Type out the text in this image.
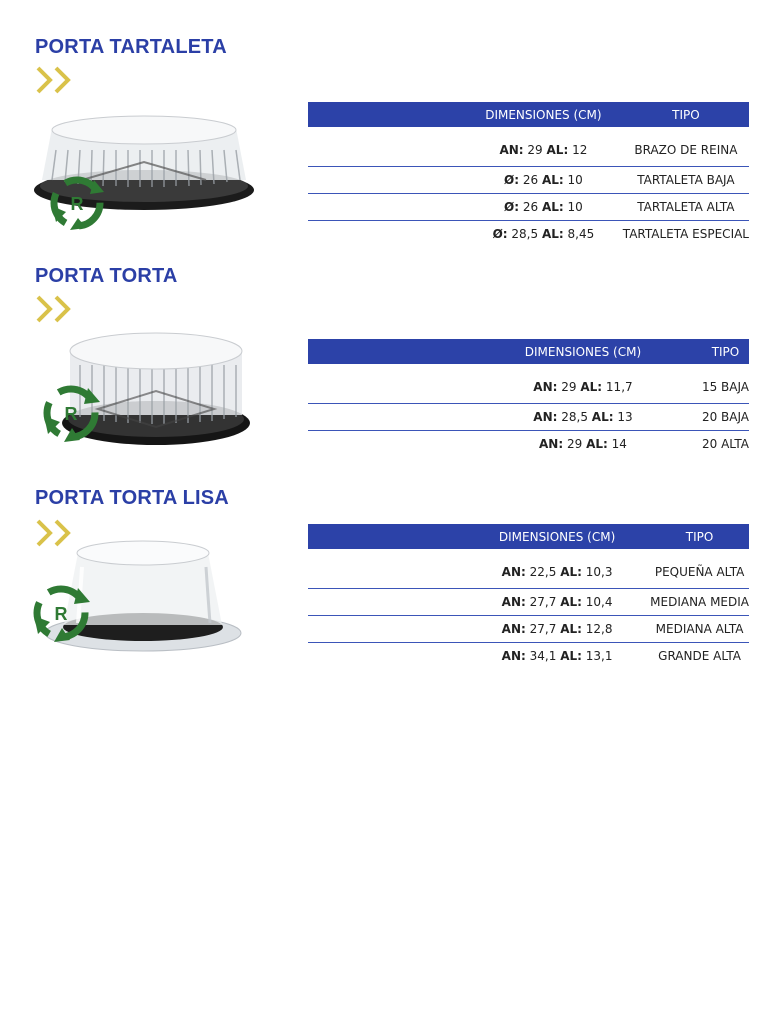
PORTA TARTALETA
R
DIMENSIONES (CM)	TIPO
AN: 29 AL: 12	BRAZO DE REINA
Ø: 26 AL: 10	TARTALETA BAJA
Ø: 26 AL: 10	TARTALETA ALTA
Ø: 28,5 AL: 8,45	TARTALETA ESPECIAL
PORTA TORTA
R
DIMENSIONES (CM)	TIPO
AN: 29 AL: 11,7	15 BAJA
AN: 28,5 AL: 13	20 BAJA
AN: 29 AL: 14	20 ALTA
PORTA TORTA LISA
R
DIMENSIONES (CM)	TIPO
AN: 22,5 AL: 10,3	PEQUEÑA ALTA
AN: 27,7 AL: 10,4	MEDIANA MEDIA
AN: 27,7 AL: 12,8	MEDIANA ALTA
AN: 34,1 AL: 13,1	GRANDE ALTA
